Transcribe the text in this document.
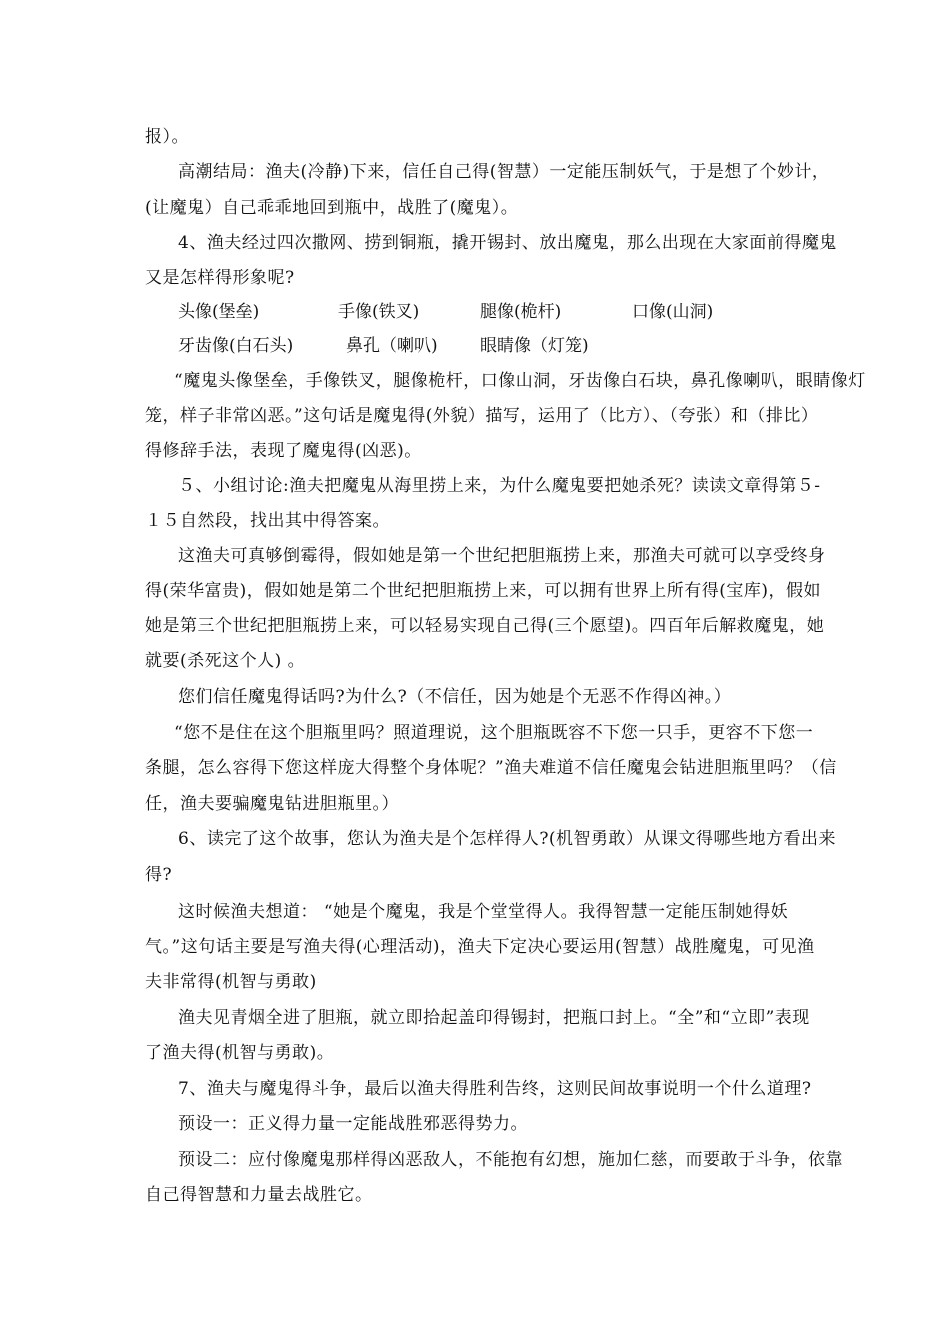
报）。
高潮结局：渔夫(冷静)下来，信任自己得(智慧）一定能压制妖气，于是想了个妙计，
(让魔鬼）自己乖乖地回到瓶中，战胜了(魔鬼）。
4、渔夫经过四次撒网、捞到铜瓶，撬开锡封、放出魔鬼，那么出现在大家面前得魔鬼
又是怎样得形象呢?
头像(堡垒)	手像(铁叉)	腿像(桅杆)	口像(山洞)
牙齿像(白石头)	鼻孔（喇叭) 眼睛像（灯笼)
“魔鬼头像堡垒，手像铁叉，腿像桅杆，口像山洞，牙齿像白石块，鼻孔像喇叭，眼睛像灯
笼，样子非常凶恶。”这句话是魔鬼得(外貌）描写，运用了（比方）、（夸张）和（排比）
得修辞手法，表现了魔鬼得(凶恶)。
５、小组讨论:渔夫把魔鬼从海里捞上来，为什么魔鬼要把她杀死？读读文章得第５-
１５自然段，找出其中得答案。
这渔夫可真够倒霉得，假如她是第一个世纪把胆瓶捞上来，那渔夫可就可以享受终身
得(荣华富贵)，假如她是第二个世纪把胆瓶捞上来，可以拥有世界上所有得(宝库)，假如
她是第三个世纪把胆瓶捞上来，可以轻易实现自己得(三个愿望)。四百年后解救魔鬼，她
就要(杀死这个人) 。
您们信任魔鬼得话吗?为什么?（不信任，因为她是个无恶不作得凶神。）
“您不是住在这个胆瓶里吗？照道理说，这个胆瓶既容不下您一只手，更容不下您一
条腿，怎么容得下您这样庞大得整个身体呢？”渔夫难道不信任魔鬼会钻进胆瓶里吗？（信
任，渔夫要骗魔鬼钻进胆瓶里。）
6、读完了这个故事，您认为渔夫是个怎样得人?(机智勇敢）从课文得哪些地方看出来
得?
这时候渔夫想道： “她是个魔鬼，我是个堂堂得人。我得智慧一定能压制她得妖
气。”这句话主要是写渔夫得(心理活动)，渔夫下定决心要运用(智慧）战胜魔鬼，可见渔
夫非常得(机智与勇敢)
渔夫见青烟全进了胆瓶，就立即拾起盖印得锡封，把瓶口封上。“全”和“立即”表现
了渔夫得(机智与勇敢)。
7、渔夫与魔鬼得斗争，最后以渔夫得胜利告终，这则民间故事说明一个什么道理?
预设一：正义得力量一定能战胜邪恶得势力。
预设二：应付像魔鬼那样得凶恶敌人，不能抱有幻想，施加仁慈，而要敢于斗争，依靠
自己得智慧和力量去战胜它。
